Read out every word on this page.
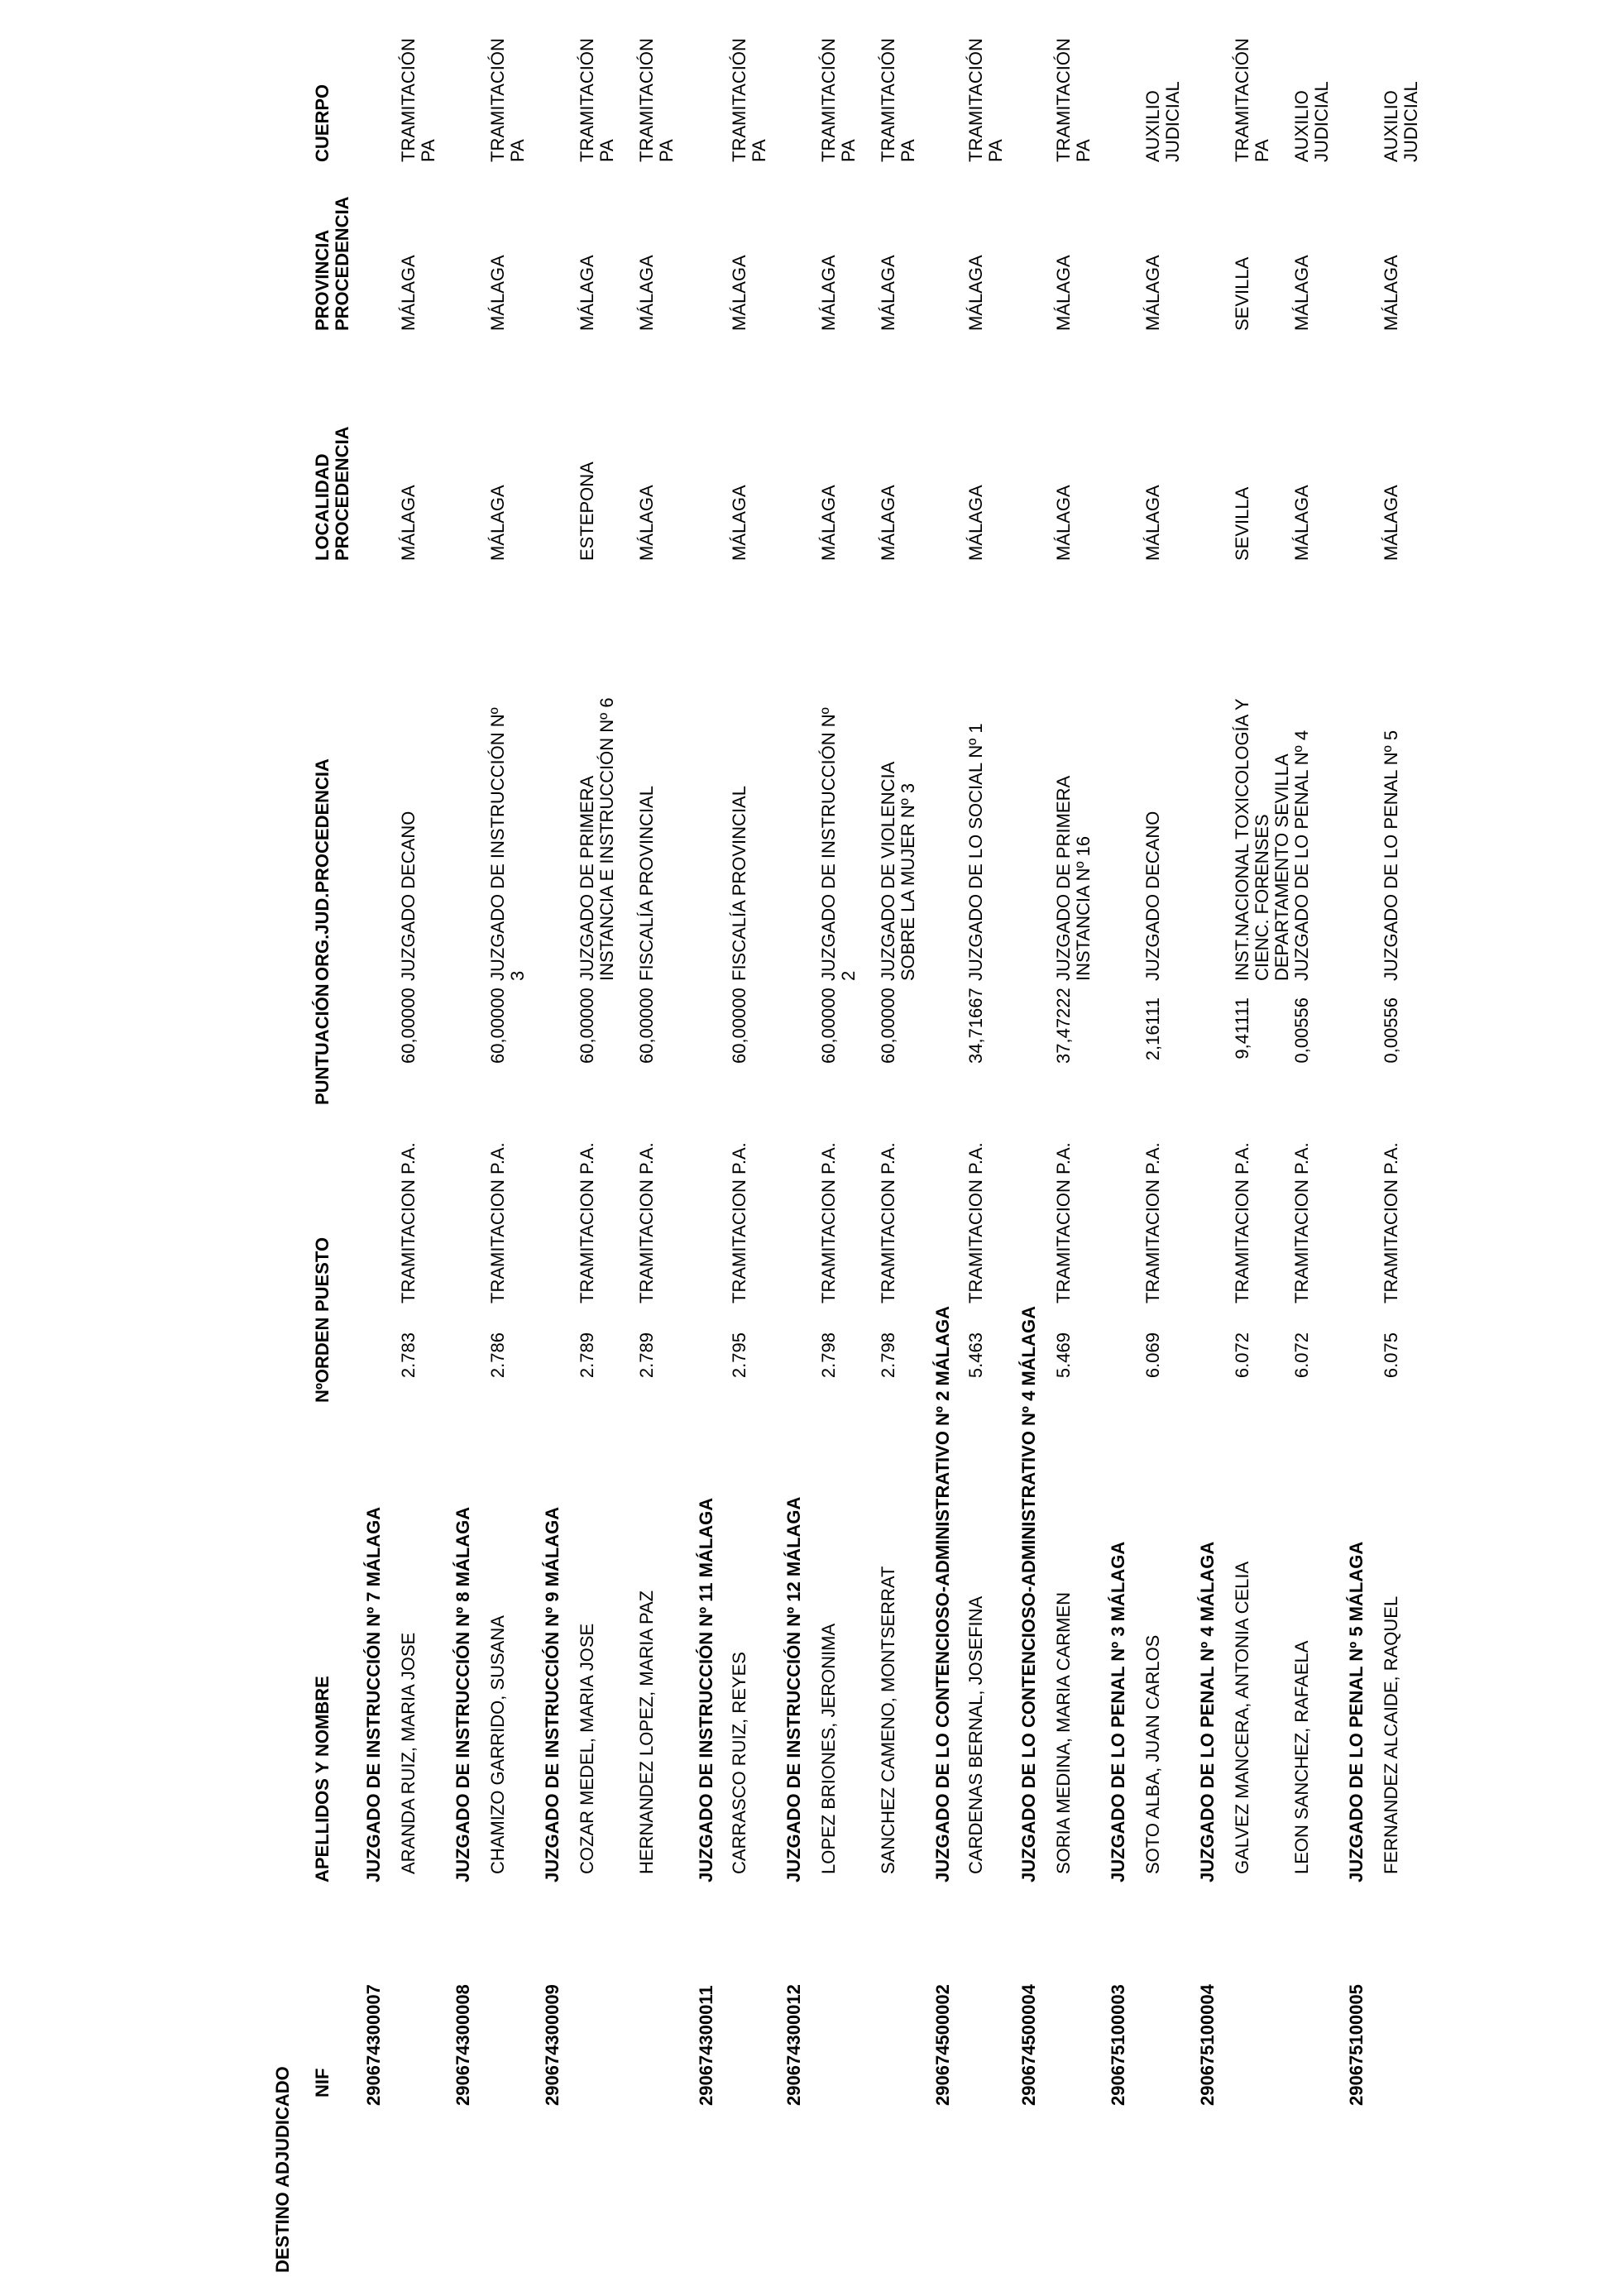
DESTINO ADJUDICADO NIF
APELLIDOS Y NOMBRE
NºORDEN
PUESTO
PUNTUACIÓN
ORG.JUD.PROCEDENCIA
LOCALIDAD PROCEDENCIA
PROVINCIA PROCEDENCIA
CUERPO
290674300007
JUZGADO DE INSTRUCCIÓN Nº 7 MÁLAGA ARANDA RUIZ, MARIA JOSE
2.783
TRAMITACION P.A.
60,00000
JUZGADO DECANO
MÁLAGA
MÁLAGA
TRAMITACIÓN PA
290674300008
JUZGADO DE INSTRUCCIÓN Nº 8 MÁLAGA CHAMIZO GARRIDO, SUSANA
2.786
TRAMITACION P.A.
60,00000
JUZGADO DE INSTRUCCIÓN Nº 3
MÁLAGA
MÁLAGA
TRAMITACIÓN PA
290674300009
JUZGADO DE INSTRUCCIÓN Nº 9 MÁLAGA COZAR MEDEL, MARIA JOSE
2.789
TRAMITACION P.A.
60,00000
JUZGADO DE PRIMERA INSTANCIA E INSTRUCCIÓN Nº 6
ESTEPONA
MÁLAGA
TRAMITACIÓN PA
HERNANDEZ LOPEZ, MARIA PAZ
2.789
TRAMITACION P.A.
60,00000
FISCALÍA PROVINCIAL
MÁLAGA
MÁLAGA
TRAMITACIÓN PA
290674300011
JUZGADO DE INSTRUCCIÓN Nº 11 MÁLAGA CARRASCO RUIZ, REYES
2.795
TRAMITACION P.A.
60,00000
FISCALÍA PROVINCIAL
MÁLAGA
MÁLAGA
TRAMITACIÓN PA
290674300012
JUZGADO DE INSTRUCCIÓN Nº 12 MÁLAGA LOPEZ BRIONES, JERONIMA
2.798
TRAMITACION P.A.
60,00000
JUZGADO DE INSTRUCCIÓN Nº 2
MÁLAGA
MÁLAGA
TRAMITACIÓN PA
SANCHEZ CAMENO, MONTSERRAT
2.798
TRAMITACION P.A.
60,00000
JUZGADO DE VIOLENCIA SOBRE LA MUJER Nº 3
MÁLAGA
MÁLAGA
TRAMITACIÓN PA
290674500002
JUZGADO DE LO CONTENCIOSO-ADMINISTRATIVO Nº 2 MÁLAGA CARDENAS BERNAL, JOSEFINA
5.463
TRAMITACION P.A.
34,71667
JUZGADO DE LO SOCIAL Nº 1
MÁLAGA
MÁLAGA
TRAMITACIÓN PA
290674500004
JUZGADO DE LO CONTENCIOSO-ADMINISTRATIVO Nº 4 MÁLAGA SORIA MEDINA, MARIA CARMEN
5.469
TRAMITACION P.A.
37,47222
JUZGADO DE PRIMERA INSTANCIA Nº 16
MÁLAGA
MÁLAGA
TRAMITACIÓN PA
290675100003
JUZGADO DE LO PENAL Nº 3 MÁLAGA SOTO ALBA, JUAN CARLOS
6.069
TRAMITACION P.A.
2,16111
JUZGADO DECANO
MÁLAGA
MÁLAGA
AUXILIO JUDICIAL
290675100004
JUZGADO DE LO PENAL Nº 4 MÁLAGA GALVEZ MANCERA, ANTONIA CELIA
6.072
TRAMITACION P.A.
9,41111
INST.NACIONAL TOXICOLOGÍA Y CIENC. FORENSES DEPARTAMENTO SEVILLA
SEVILLA
SEVILLA
TRAMITACIÓN PA
LEON SANCHEZ, RAFAELA
6.072
TRAMITACION P.A.
0,00556
JUZGADO DE LO PENAL Nº 4
MÁLAGA
MÁLAGA
AUXILIO JUDICIAL
290675100005
JUZGADO DE LO PENAL Nº 5 MÁLAGA FERNANDEZ ALCAIDE, RAQUEL
6.075
TRAMITACION P.A.
0,00556
JUZGADO DE LO PENAL Nº 5
MÁLAGA
MÁLAGA
AUXILIO JUDICIAL
